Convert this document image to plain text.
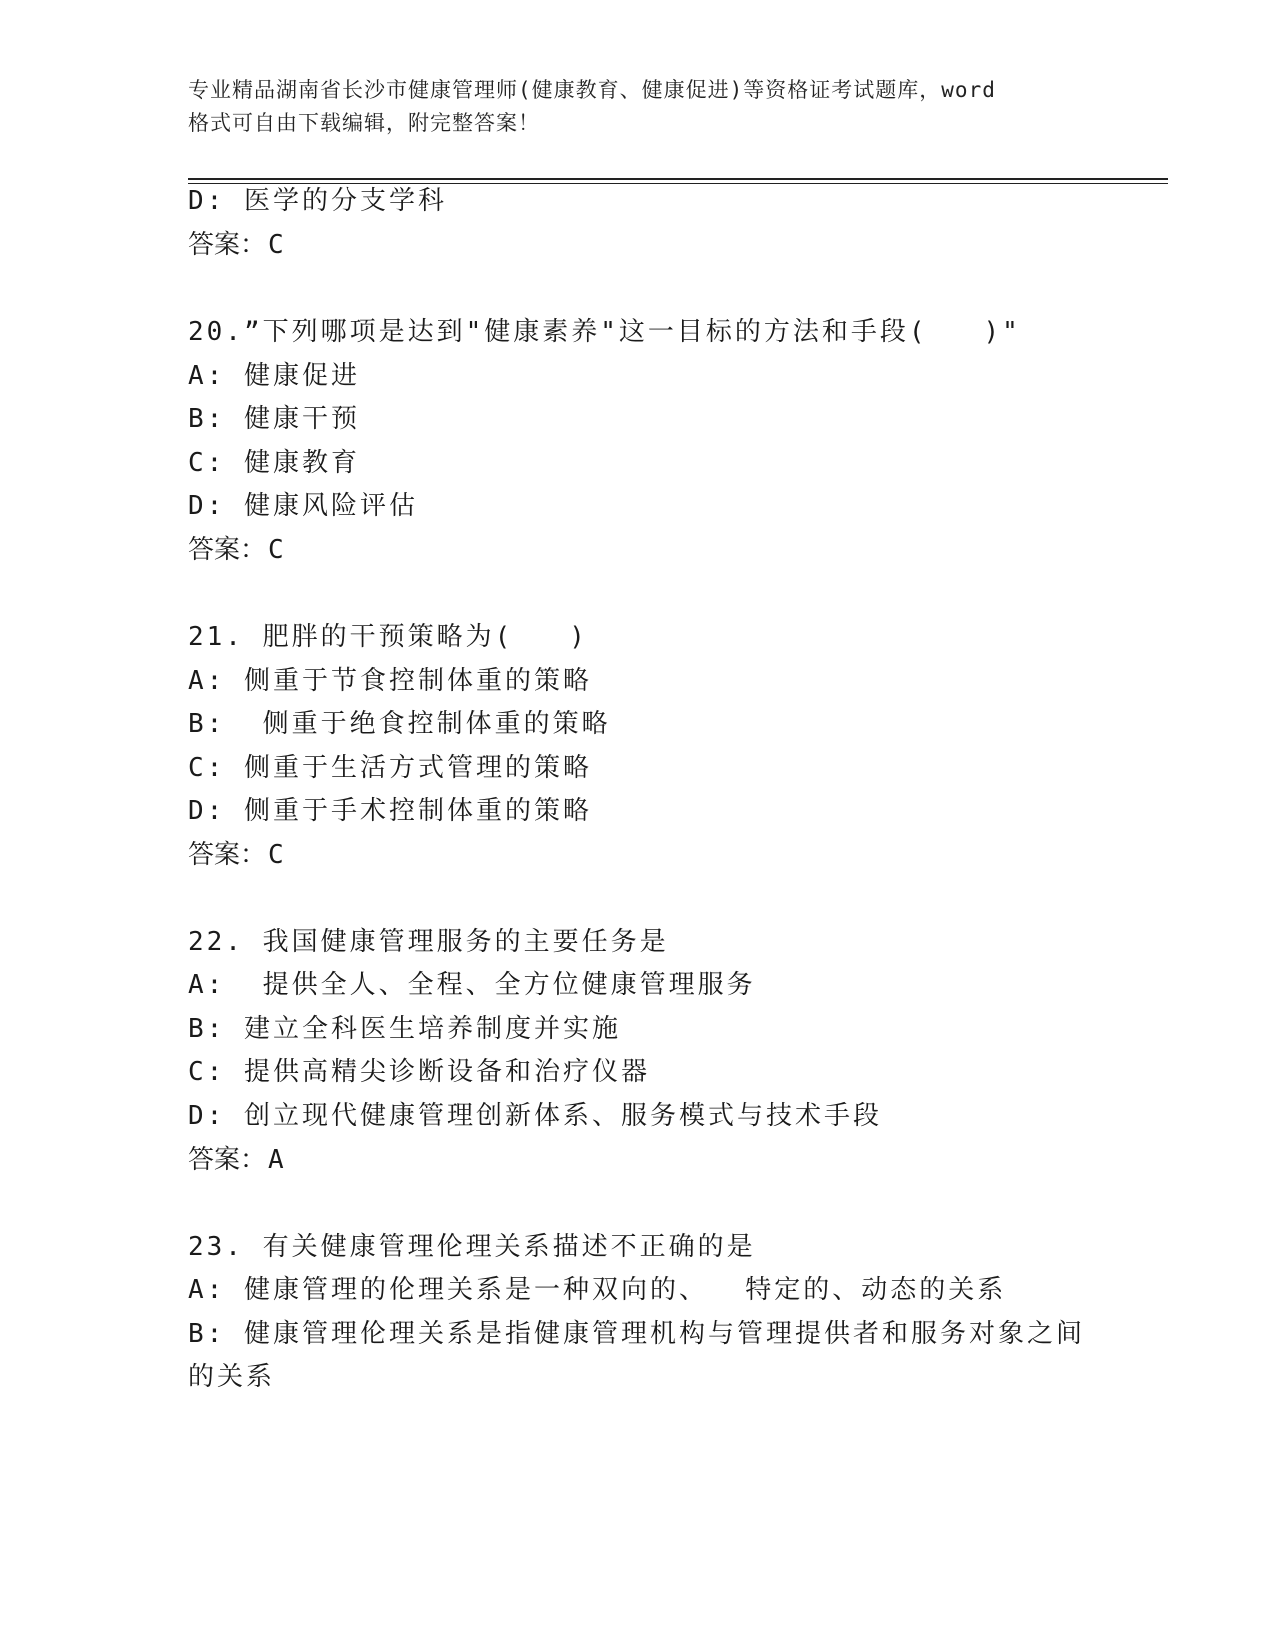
专业精品湖南省长沙市健康管理师(健康教育、健康促进)等资格证考试题库，word
格式可自由下载编辑，附完整答案！
D: 医学的分支学科
答案：C
20.”下列哪项是达到"健康素养"这一目标的方法和手段(   )"
A: 健康促进
B: 健康干预
C: 健康教育
D: 健康风险评估
答案：C
21. 肥胖的干预策略为(   )
A: 侧重于节食控制体重的策略
B:  侧重于绝食控制体重的策略
C: 侧重于生活方式管理的策略
D: 侧重于手术控制体重的策略
答案：C
22. 我国健康管理服务的主要任务是
A:  提供全人、全程、全方位健康管理服务
B: 建立全科医生培养制度并实施
C: 提供高精尖诊断设备和治疗仪器
D: 创立现代健康管理创新体系、服务模式与技术手段
答案：A
23. 有关健康管理伦理关系描述不正确的是
A: 健康管理的伦理关系是一种双向的、  特定的、动态的关系
B: 健康管理伦理关系是指健康管理机构与管理提供者和服务对象之间
的关系
